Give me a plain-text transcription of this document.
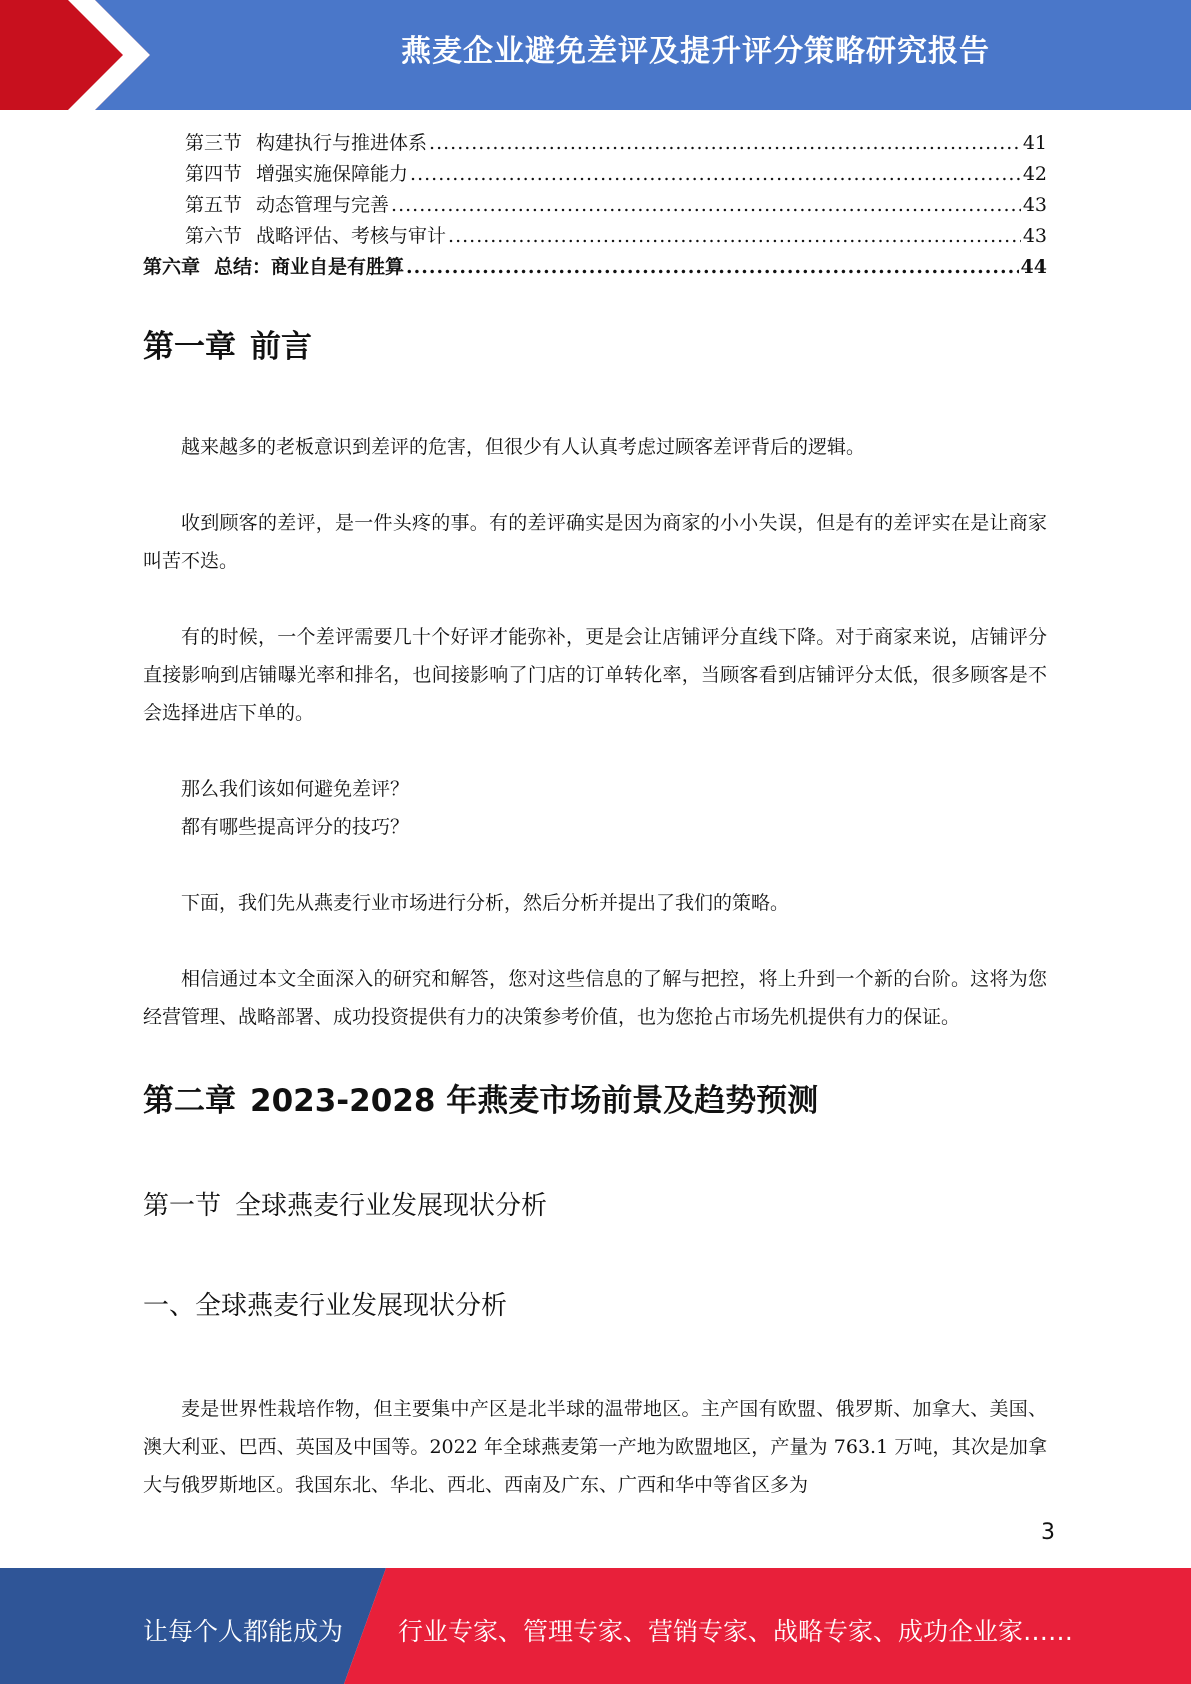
燕麦企业避免差评及提升评分策略研究报告
第三节 构建执行与推进体系 .....	41
第四节 增强实施保障能力 .....	42
第五节 动态管理与完善 .....	43
第六节 战略评估、考核与审计 .....	43
第六章 总结：商业自是有胜算 .....	44
第一章 前言

越来越多的老板意识到差评的危害，但很少有人认真考虑过顾客差评背后的逻辑。

收到顾客的差评，是一件头疼的事。有的差评确实是因为商家的小小失误，但是有的差评实在是让商家叫苦不迭。

有的时候，一个差评需要几十个好评才能弥补，更是会让店铺评分直线下降。对于商家来说，店铺评分直接影响到店铺曝光率和排名，也间接影响了门店的订单转化率，当顾客看到店铺评分太低，很多顾客是不会选择进店下单的。

那么我们该如何避免差评？

都有哪些提高评分的技巧？

下面，我们先从燕麦行业市场进行分析，然后分析并提出了我们的策略。

相信通过本文全面深入的研究和解答，您对这些信息的了解与把控，将上升到一个新的台阶。这将为您经营管理、战略部署、成功投资提供有力的决策参考价值，也为您抢占市场先机提供有力的保证。

第二章 2023-2028 年燕麦市场前景及趋势预测
第一节 全球燕麦行业发展现状分析
一、全球燕麦行业发展现状分析

麦是世界性栽培作物，但主要集中产区是北半球的温带地区。主产国有欧盟、俄罗斯、加拿大、美国、澳大利亚、巴西、英国及中国等。2022 年全球燕麦第一产地为欧盟地区，产量为 763.1 万吨，其次是加拿大与俄罗斯地区。我国东北、华北、西北、西南及广东、广西和华中等省区多为

3
让每个人都能成为 行业专家、管理专家、营销专家、战略专家、成功企业家……
